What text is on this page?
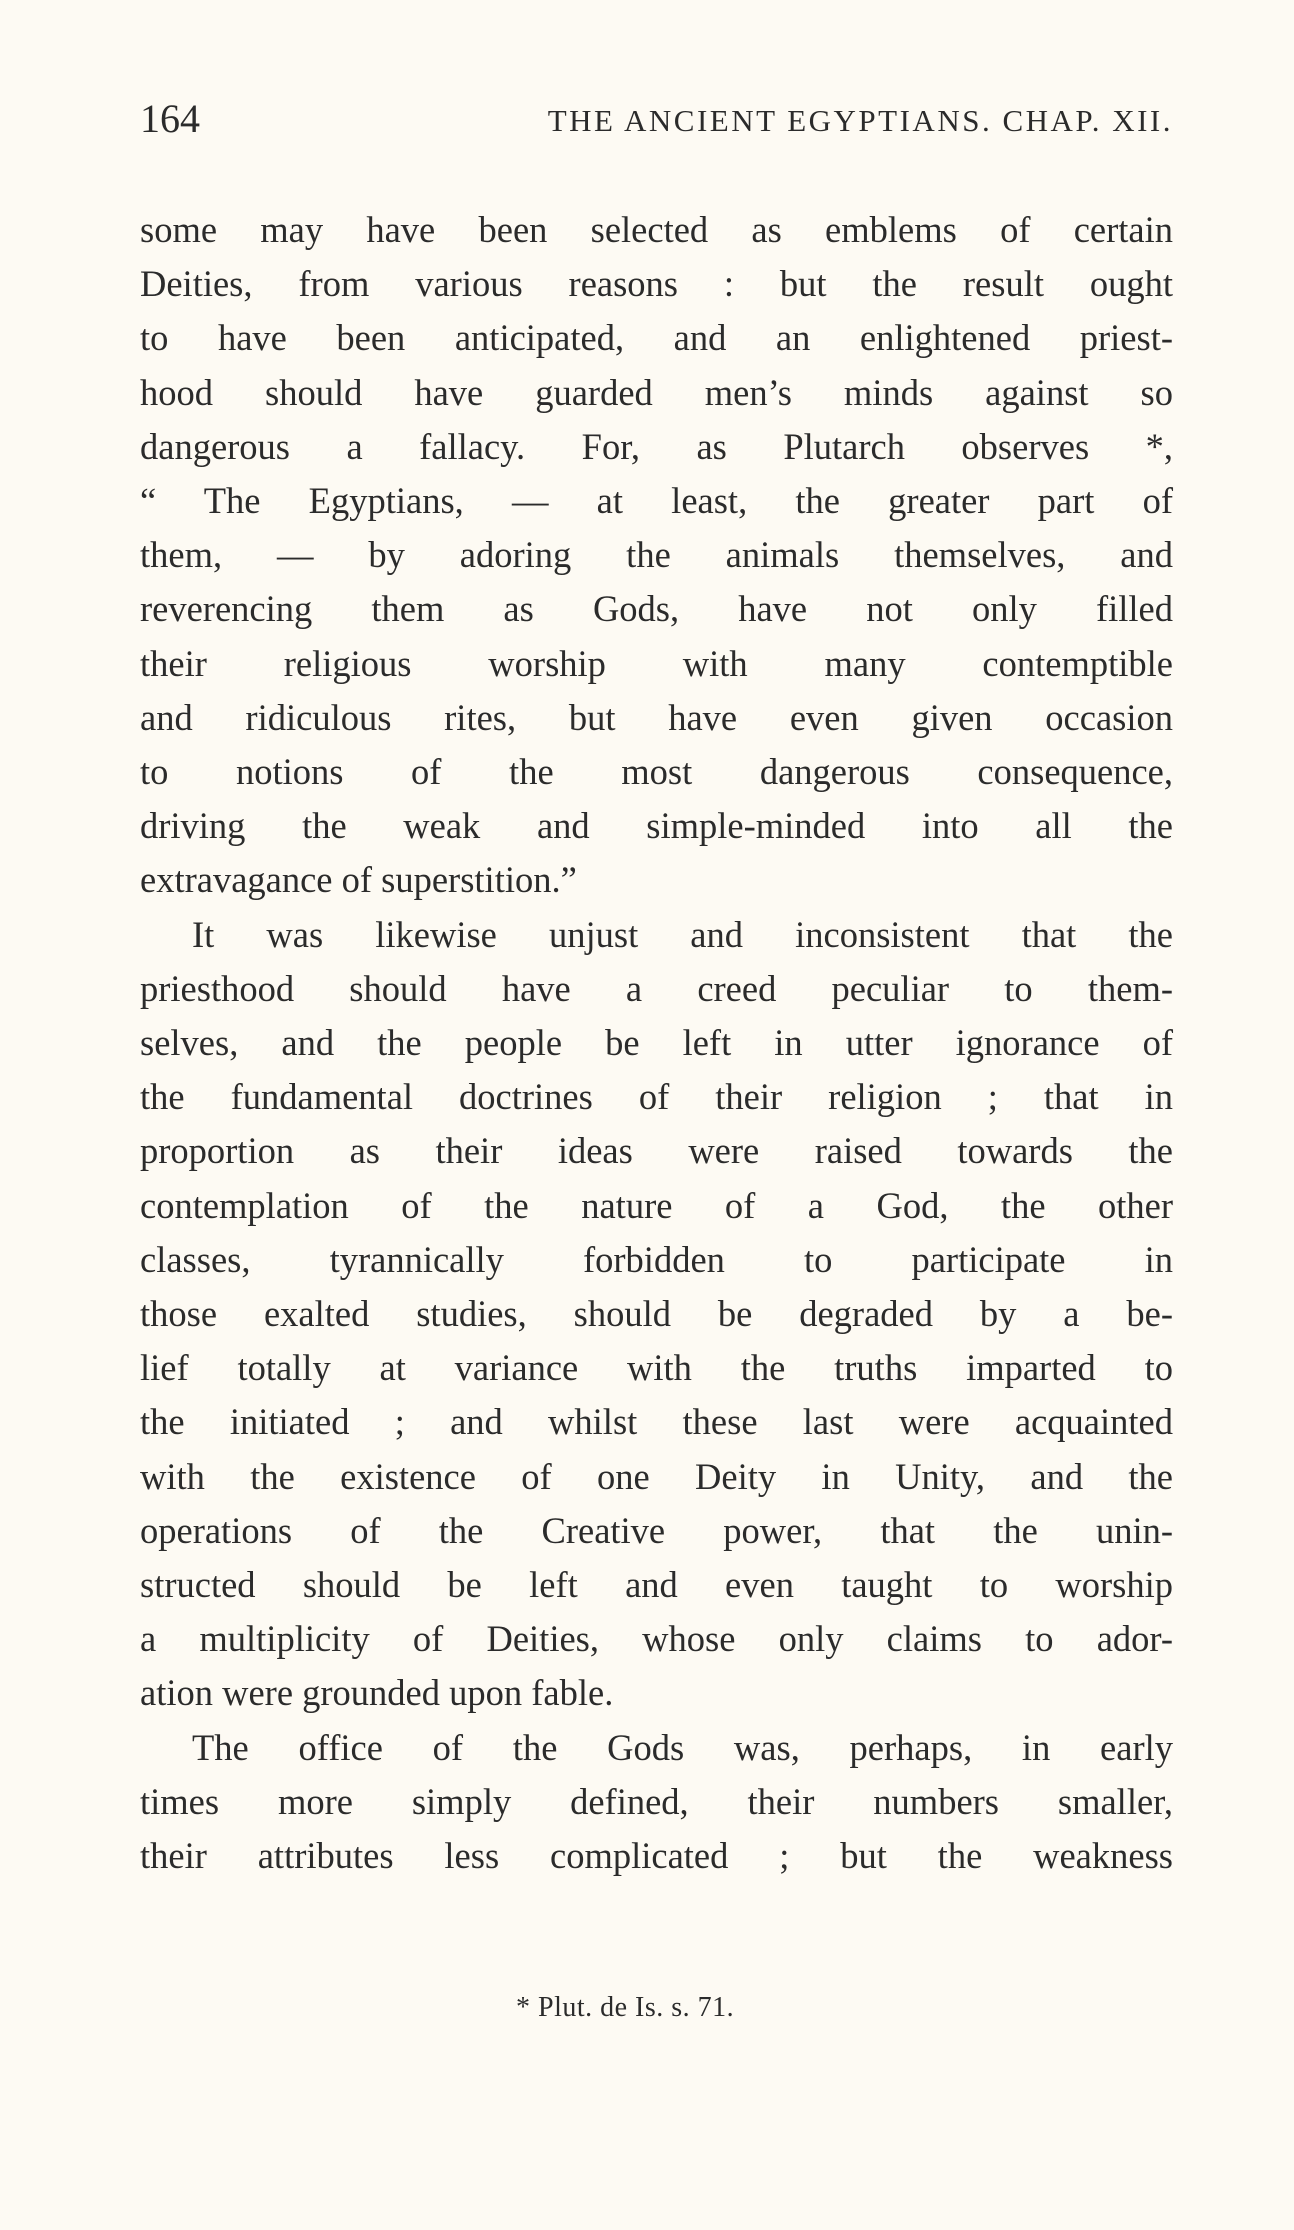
164	THE ANCIENT EGYPTIANS. CHAP. XII.

some may have been selected as emblems of certain
Deities, from various reasons : but the result ought
to have been anticipated, and an enlightened priest-
hood should have guarded men’s minds against so
dangerous a fallacy. For, as Plutarch observes *,
“ The Egyptians, — at least, the greater part of
them, — by adoring the animals themselves, and
reverencing them as Gods, have not only filled
their religious worship with many contemptible
and ridiculous rites, but have even given occasion
to notions of the most dangerous consequence,
driving the weak and simple-minded into all the
extravagance of superstition.”

It was likewise unjust and inconsistent that the
priesthood should have a creed peculiar to them-
selves, and the people be left in utter ignorance of
the fundamental doctrines of their religion ; that in
proportion as their ideas were raised towards the
contemplation of the nature of a God, the other
classes, tyrannically forbidden to participate in
those exalted studies, should be degraded by a be-
lief totally at variance with the truths imparted to
the initiated ; and whilst these last were acquainted
with the existence of one Deity in Unity, and the
operations of the Creative power, that the unin-
structed should be left and even taught to worship
a multiplicity of Deities, whose only claims to ador-
ation were grounded upon fable.

The office of the Gods was, perhaps, in early
times more simply defined, their numbers smaller,
their attributes less complicated ; but the weakness

* Plut. de Is. s. 71.
